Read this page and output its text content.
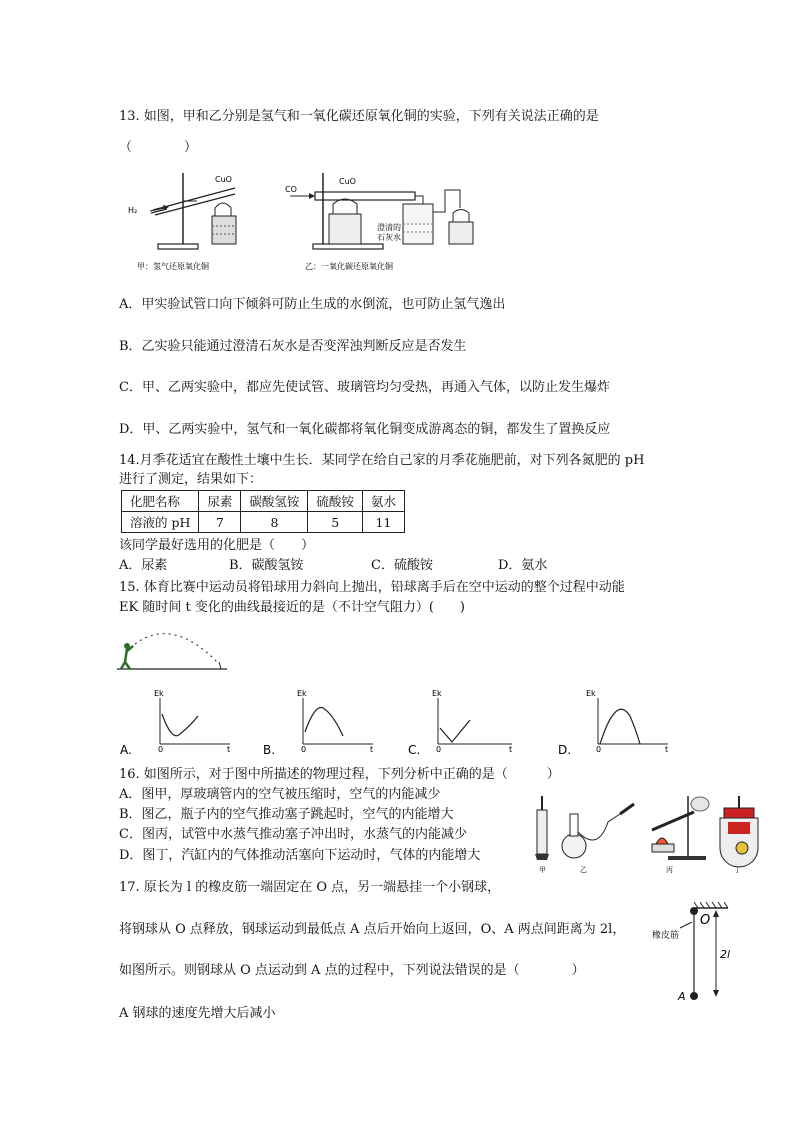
13. 如图，甲和乙分别是氢气和一氧化碳还原氧化铜的实验，下列有关说法正确的是
（　　　　）
CuO
H₂
甲：氢气还原氧化铜
CO
CuO
澄清的
石灰水
乙：一氧化碳还原氧化铜
A．甲实验试管口向下倾斜可防止生成的水倒流，也可防止氢气逸出
B．乙实验只能通过澄清石灰水是否变浑浊判断反应是否发生
C．甲、乙两实验中，都应先使试管、玻璃管均匀受热，再通入气体，以防止发生爆炸
D．甲、乙两实验中，氢气和一氧化碳都将氧化铜变成游离态的铜，都发生了置换反应
14.月季花适宜在酸性土壤中生长．某同学在给自己家的月季花施肥前，对下列各氮肥的 pH
进行了测定，结果如下：
化肥名称	尿素	碳酸氢铵	硫酸铵	氨水
溶液的 pH	7	8	5	11
该同学最好选用的化肥是（　　）
A．尿素	B．碳酸氢铵	C．硫酸铵	D．氨水
15. 体育比赛中运动员将铅球用力斜向上抛出，铅球离手后在空中运动的整个过程中动能
EK 随时间 t 变化的曲线最接近的是（不计空气阻力）(　　)
Ek
0	t
A.
Ek
0	t
B.
Ek
0	t
C.
Ek
0	t
D.
16. 如图所示，对于图中所描述的物理过程，下列分析中正确的是（　　　）
A．图甲，厚玻璃管内的空气被压缩时，空气的内能减少
B．图乙，瓶子内的空气推动塞子跳起时，空气的内能增大
C．图丙，试管中水蒸气推动塞子冲出时，水蒸气的内能减少
D．图丁，汽缸内的气体推动活塞向下运动时，气体的内能增大
甲	乙	丙	丁
17. 原长为 l 的橡皮筋一端固定在 O 点，另一端悬挂一个小钢球，
将钢球从 O 点释放，钢球运动到最低点 A 点后开始向上返回，O、A 两点间距离为 2l，
如图所示。则钢球从 O 点运动到 A 点的过程中，下列说法错误的是（　　　　）
A 钢球的速度先增大后减小
O
橡皮筋
2l
A
